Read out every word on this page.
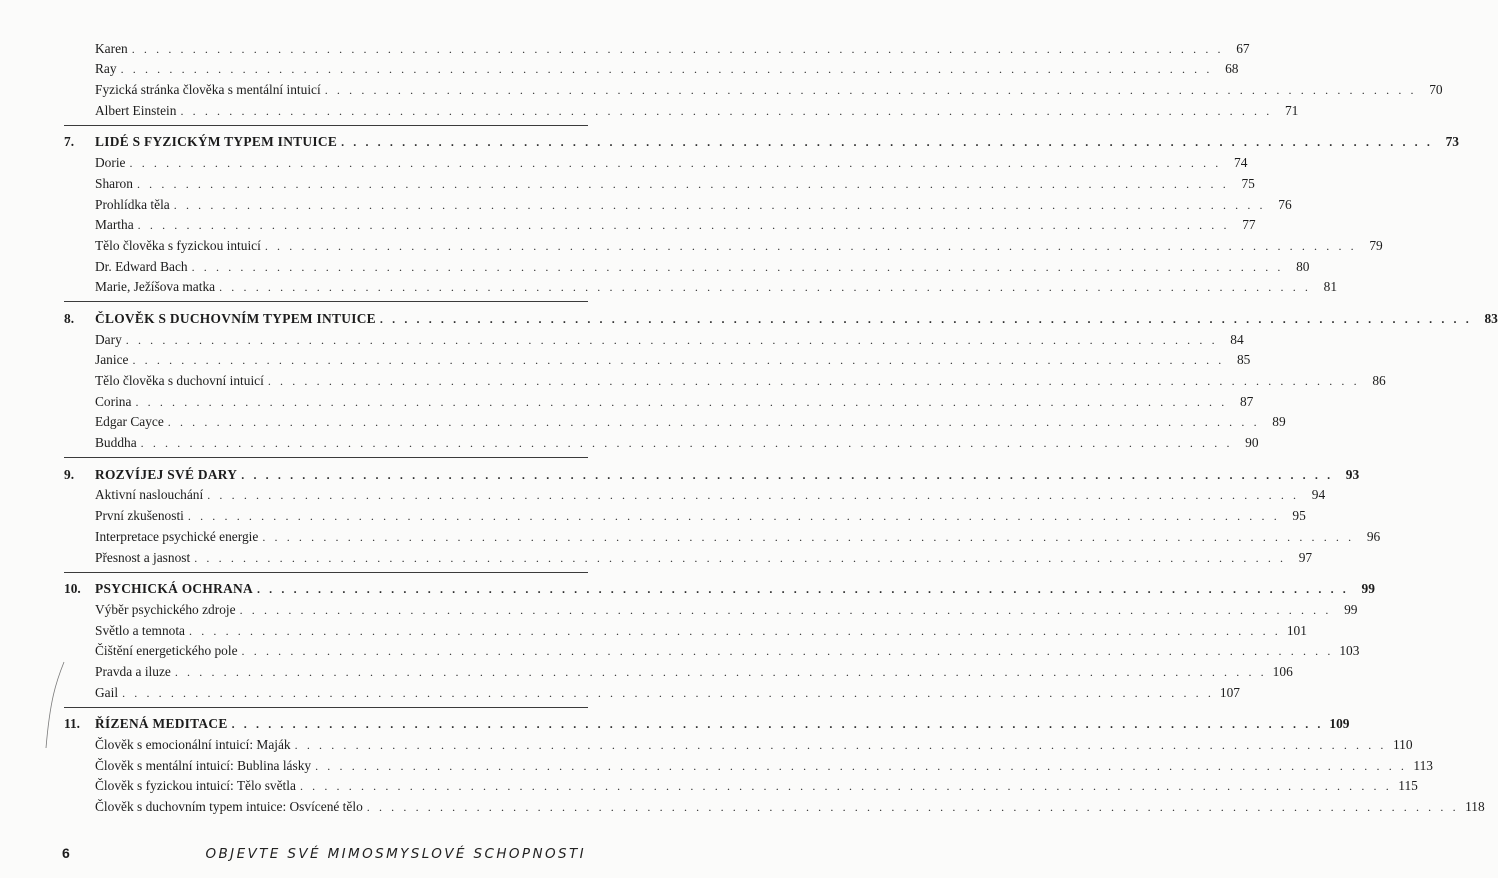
Karen . . . . . . . . . . . . . . . . . . . . . . . . . . . . . . . . . . . . . . . . . . . . . . . . . . . . . . . . . . . . . . . . . . . . . . . . . . . . . . . . . . . . . . . . . . 67
Ray . . . . . . . . . . . . . . . . . . . . . . . . . . . . . . . . . . . . . . . . . . . . . . . . . . . . . . . . . . . . . . . . . . . . . . . . . . . . . . . . . . . . . . . . . . 68
Fyzická stránka člověka s mentální intuicí . . . . . . . . . . . . . . . . . . . . . . . . . . . . . . . . . . . . . . . . . . . . . . . . . . . . . . . . . . . . . . . . . . . . . . . . . . . . . . . . . . . . . . . . . . 70
Albert Einstein . . . . . . . . . . . . . . . . . . . . . . . . . . . . . . . . . . . . . . . . . . . . . . . . . . . . . . . . . . . . . . . . . . . . . . . . . . . . . . . . . . . . . . . . . . 71
7.	LIDÉ S FYZICKÝM TYPEM INTUICE . . . . . . . . . . . . . . . . . . . . . . . . . . . . . . . . . . . . . . . . . . . . . . . . . . . . . . . . . . . . . . . . . . . . . . . . . . . . . . . . . . . . . . . . . . 73
Dorie . . . . . . . . . . . . . . . . . . . . . . . . . . . . . . . . . . . . . . . . . . . . . . . . . . . . . . . . . . . . . . . . . . . . . . . . . . . . . . . . . . . . . . . . . . 74
Sharon . . . . . . . . . . . . . . . . . . . . . . . . . . . . . . . . . . . . . . . . . . . . . . . . . . . . . . . . . . . . . . . . . . . . . . . . . . . . . . . . . . . . . . . . . . 75
Prohlídka těla . . . . . . . . . . . . . . . . . . . . . . . . . . . . . . . . . . . . . . . . . . . . . . . . . . . . . . . . . . . . . . . . . . . . . . . . . . . . . . . . . . . . . . . . . . 76
Martha . . . . . . . . . . . . . . . . . . . . . . . . . . . . . . . . . . . . . . . . . . . . . . . . . . . . . . . . . . . . . . . . . . . . . . . . . . . . . . . . . . . . . . . . . . 77
Tělo člověka s fyzickou intuicí . . . . . . . . . . . . . . . . . . . . . . . . . . . . . . . . . . . . . . . . . . . . . . . . . . . . . . . . . . . . . . . . . . . . . . . . . . . . . . . . . . . . . . . . . . 79
Dr. Edward Bach . . . . . . . . . . . . . . . . . . . . . . . . . . . . . . . . . . . . . . . . . . . . . . . . . . . . . . . . . . . . . . . . . . . . . . . . . . . . . . . . . . . . . . . . . . 80
Marie, Ježíšova matka . . . . . . . . . . . . . . . . . . . . . . . . . . . . . . . . . . . . . . . . . . . . . . . . . . . . . . . . . . . . . . . . . . . . . . . . . . . . . . . . . . . . . . . . . . 81
8.	ČLOVĚK S DUCHOVNÍM TYPEM INTUICE . . . . . . . . . . . . . . . . . . . . . . . . . . . . . . . . . . . . . . . . . . . . . . . . . . . . . . . . . . . . . . . . . . . . . . . . . . . . . . . . . . . . . . . . . . 83
Dary . . . . . . . . . . . . . . . . . . . . . . . . . . . . . . . . . . . . . . . . . . . . . . . . . . . . . . . . . . . . . . . . . . . . . . . . . . . . . . . . . . . . . . . . . . 84
Janice . . . . . . . . . . . . . . . . . . . . . . . . . . . . . . . . . . . . . . . . . . . . . . . . . . . . . . . . . . . . . . . . . . . . . . . . . . . . . . . . . . . . . . . . . . 85
Tělo člověka s duchovní intuicí . . . . . . . . . . . . . . . . . . . . . . . . . . . . . . . . . . . . . . . . . . . . . . . . . . . . . . . . . . . . . . . . . . . . . . . . . . . . . . . . . . . . . . . . . . 86
Corina . . . . . . . . . . . . . . . . . . . . . . . . . . . . . . . . . . . . . . . . . . . . . . . . . . . . . . . . . . . . . . . . . . . . . . . . . . . . . . . . . . . . . . . . . . 87
Edgar Cayce . . . . . . . . . . . . . . . . . . . . . . . . . . . . . . . . . . . . . . . . . . . . . . . . . . . . . . . . . . . . . . . . . . . . . . . . . . . . . . . . . . . . . . . . . . 89
Buddha . . . . . . . . . . . . . . . . . . . . . . . . . . . . . . . . . . . . . . . . . . . . . . . . . . . . . . . . . . . . . . . . . . . . . . . . . . . . . . . . . . . . . . . . . . 90
9.	ROZVÍJEJ SVÉ DARY . . . . . . . . . . . . . . . . . . . . . . . . . . . . . . . . . . . . . . . . . . . . . . . . . . . . . . . . . . . . . . . . . . . . . . . . . . . . . . . . . . . . . . . . . . 93
Aktivní naslouchání . . . . . . . . . . . . . . . . . . . . . . . . . . . . . . . . . . . . . . . . . . . . . . . . . . . . . . . . . . . . . . . . . . . . . . . . . . . . . . . . . . . . . . . . . . 94
První zkušenosti . . . . . . . . . . . . . . . . . . . . . . . . . . . . . . . . . . . . . . . . . . . . . . . . . . . . . . . . . . . . . . . . . . . . . . . . . . . . . . . . . . . . . . . . . . 95
Interpretace psychické energie . . . . . . . . . . . . . . . . . . . . . . . . . . . . . . . . . . . . . . . . . . . . . . . . . . . . . . . . . . . . . . . . . . . . . . . . . . . . . . . . . . . . . . . . . . 96
Přesnost a jasnost . . . . . . . . . . . . . . . . . . . . . . . . . . . . . . . . . . . . . . . . . . . . . . . . . . . . . . . . . . . . . . . . . . . . . . . . . . . . . . . . . . . . . . . . . . 97
10.	PSYCHICKÁ OCHRANA . . . . . . . . . . . . . . . . . . . . . . . . . . . . . . . . . . . . . . . . . . . . . . . . . . . . . . . . . . . . . . . . . . . . . . . . . . . . . . . . . . . . . . . . . . 99
Výběr psychického zdroje . . . . . . . . . . . . . . . . . . . . . . . . . . . . . . . . . . . . . . . . . . . . . . . . . . . . . . . . . . . . . . . . . . . . . . . . . . . . . . . . . . . . . . . . . . 99
Světlo a temnota . . . . . . . . . . . . . . . . . . . . . . . . . . . . . . . . . . . . . . . . . . . . . . . . . . . . . . . . . . . . . . . . . . . . . . . . . . . . . . . . . . . . . . . . . . 101
Čištění energetického pole . . . . . . . . . . . . . . . . . . . . . . . . . . . . . . . . . . . . . . . . . . . . . . . . . . . . . . . . . . . . . . . . . . . . . . . . . . . . . . . . . . . . . . . . . . 103
Pravda a iluze . . . . . . . . . . . . . . . . . . . . . . . . . . . . . . . . . . . . . . . . . . . . . . . . . . . . . . . . . . . . . . . . . . . . . . . . . . . . . . . . . . . . . . . . . . 106
Gail . . . . . . . . . . . . . . . . . . . . . . . . . . . . . . . . . . . . . . . . . . . . . . . . . . . . . . . . . . . . . . . . . . . . . . . . . . . . . . . . . . . . . . . . . . 107
11.	ŘÍZENÁ MEDITACE . . . . . . . . . . . . . . . . . . . . . . . . . . . . . . . . . . . . . . . . . . . . . . . . . . . . . . . . . . . . . . . . . . . . . . . . . . . . . . . . . . . . . . . . . . 109
Člověk s emocionální intuicí: Maják . . . . . . . . . . . . . . . . . . . . . . . . . . . . . . . . . . . . . . . . . . . . . . . . . . . . . . . . . . . . . . . . . . . . . . . . . . . . . . . . . . . . . . . . . . 110
Člověk s mentální intuicí: Bublina lásky . . . . . . . . . . . . . . . . . . . . . . . . . . . . . . . . . . . . . . . . . . . . . . . . . . . . . . . . . . . . . . . . . . . . . . . . . . . . . . . . . . . . . . . . . . 113
Člověk s fyzickou intuicí: Tělo světla . . . . . . . . . . . . . . . . . . . . . . . . . . . . . . . . . . . . . . . . . . . . . . . . . . . . . . . . . . . . . . . . . . . . . . . . . . . . . . . . . . . . . . . . . . 115
Člověk s duchovním typem intuice: Osvícené tělo . . . . . . . . . . . . . . . . . . . . . . . . . . . . . . . . . . . . . . . . . . . . . . . . . . . . . . . . . . . . . . . . . . . . . . . . . . . . . . . . . . . . . . . . . . 118
6	OBJEVTE SVÉ MIMOSMYSLOVÉ SCHOPNOSTI
